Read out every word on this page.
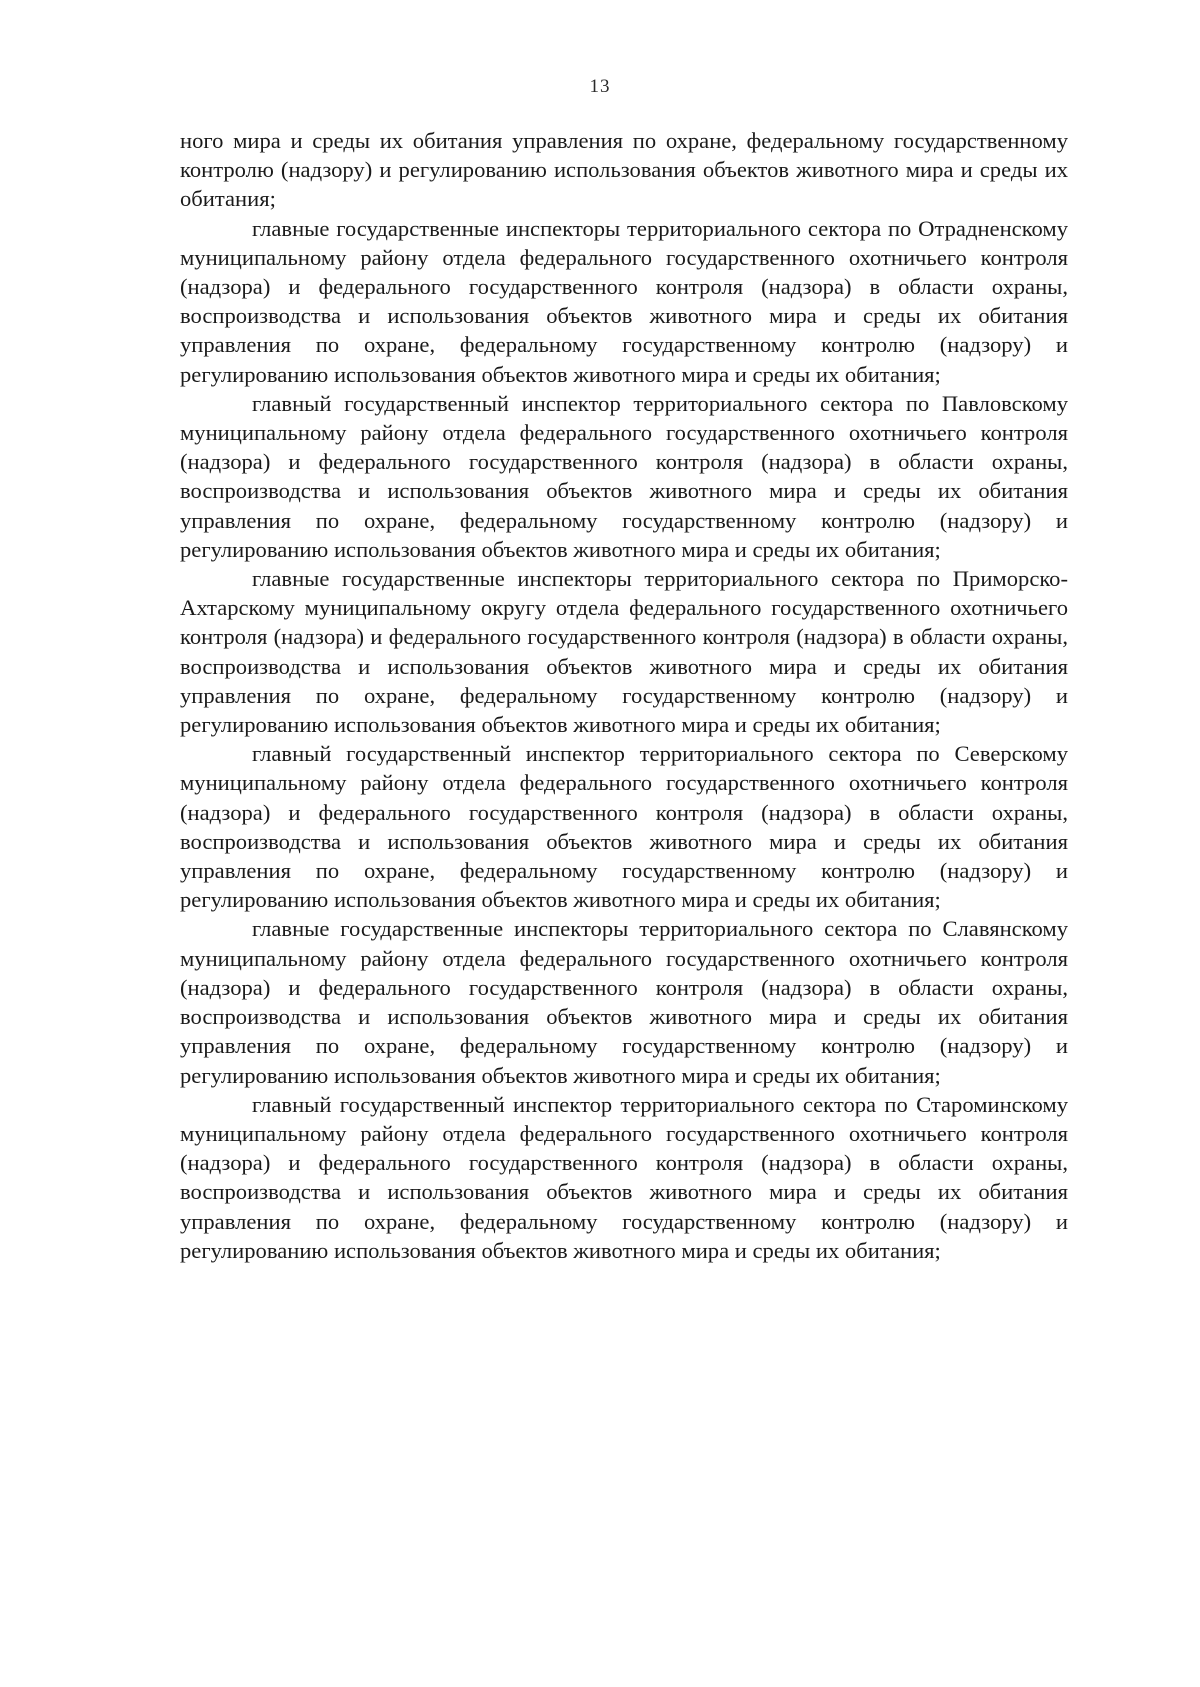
13

ного мира и среды их обитания управления по охране, федеральному государственному контролю (надзору) и регулированию использования объектов животного мира и среды их обитания;

главные государственные инспекторы территориального сектора по Отрадненскому муниципальному району отдела федерального государственного охотничьего контроля (надзора) и федерального государственного контроля (надзора) в области охраны, воспроизводства и использования объектов животного мира и среды их обитания управления по охране, федеральному государственному контролю (надзору) и регулированию использования объектов животного мира и среды их обитания;

главный государственный инспектор территориального сектора по Павловскому муниципальному району отдела федерального государственного охотничьего контроля (надзора) и федерального государственного контроля (надзора) в области охраны, воспроизводства и использования объектов животного мира и среды их обитания управления по охране, федеральному государственному контролю (надзору) и регулированию использования объектов животного мира и среды их обитания;

главные государственные инспекторы территориального сектора по Приморско-Ахтарскому муниципальному округу отдела федерального государственного охотничьего контроля (надзора) и федерального государственного контроля (надзора) в области охраны, воспроизводства и использования объектов животного мира и среды их обитания управления по охране, федеральному государственному контролю (надзору) и регулированию использования объектов животного мира и среды их обитания;

главный государственный инспектор территориального сектора по Северскому муниципальному району отдела федерального государственного охотничьего контроля (надзора) и федерального государственного контроля (надзора) в области охраны, воспроизводства и использования объектов животного мира и среды их обитания управления по охране, федеральному государственному контролю (надзору) и регулированию использования объектов животного мира и среды их обитания;

главные государственные инспекторы территориального сектора по Славянскому муниципальному району отдела федерального государственного охотничьего контроля (надзора) и федерального государственного контроля (надзора) в области охраны, воспроизводства и использования объектов животного мира и среды их обитания управления по охране, федеральному государственному контролю (надзору) и регулированию использования объектов животного мира и среды их обитания;

главный государственный инспектор территориального сектора по Староминскому муниципальному району отдела федерального государственного охотничьего контроля (надзора) и федерального государственного контроля (надзора) в области охраны, воспроизводства и использования объектов животного мира и среды их обитания управления по охране, федеральному государственному контролю (надзору) и регулированию использования объектов животного мира и среды их обитания;
